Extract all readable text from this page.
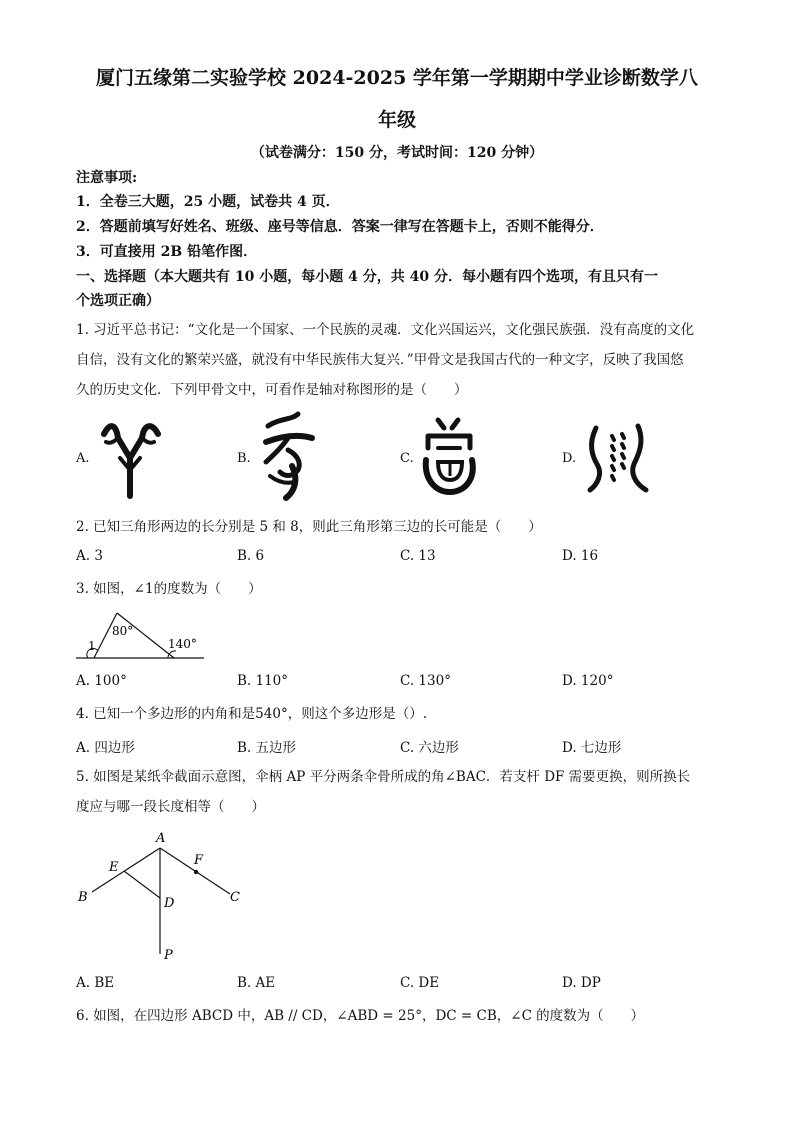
厦门五缘第二实验学校 2024-2025 学年第一学期期中学业诊断数学八
年级
（试卷满分：150 分，考试时间：120 分钟）
注意事项:
1．全卷三大题，25 小题，试卷共 4 页．
2．答题前填写好姓名、班级、座号等信息．答案一律写在答题卡上，否则不能得分．
3．可直接用 2B 铅笔作图．
一、选择题（本大题共有 10 小题，每小题 4 分，共 40 分．每小题有四个选项，有且只有一
个选项正确）
1. 习近平总书记：“文化是一个国家、一个民族的灵魂．文化兴国运兴，文化强民族强．没有高度的文化
自信，没有文化的繁荣兴盛，就没有中华民族伟大复兴．”甲骨文是我国古代的一种文字，反映了我国悠
久的历史文化．下列甲骨文中，可看作是轴对称图形的是（　　）
A.	B.	C.	D.
2. 已知三角形两边的长分别是 5 和 8，则此三角形第三边的长可能是（　　）
A. 3	B. 6	C. 13	D. 16
3. 如图，∠1的度数为（　　）
1
80°
140°
A. 100°	B. 110°	C. 130°	D. 120°
4. 已知一个多边形的内角和是540°，则这个多边形是（）.
A. 四边形	B. 五边形	C. 六边形	D. 七边形
5. 如图是某纸伞截面示意图，伞柄 AP 平分两条伞骨所成的角∠BAC．若支杆 DF 需要更换，则所换长
度应与哪一段长度相等（　　）
A
B	C
D
E	F
P
A. BE	B. AE	C. DE	D. DP
6. 如图，在四边形 ABCD 中，AB // CD，∠ABD = 25°，DC = CB，∠C 的度数为（　　）
